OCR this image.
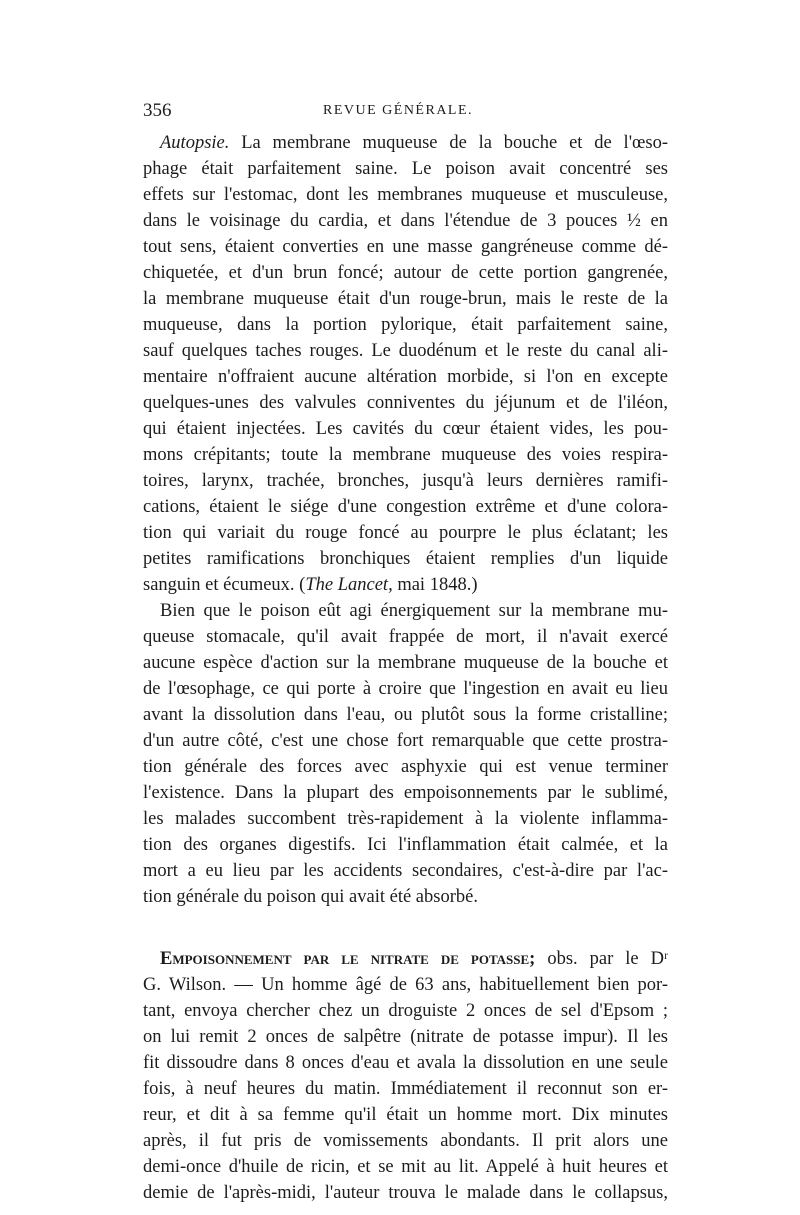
356	REVUE GÉNÉRALE.
Autopsie. La membrane muqueuse de la bouche et de l'œso-
phage était parfaitement saine. Le poison avait concentré ses
effets sur l'estomac, dont les membranes muqueuse et musculeuse,
dans le voisinage du cardia, et dans l'étendue de 3 pouces ½ en
tout sens, étaient converties en une masse gangréneuse comme dé-
chiquetée, et d'un brun foncé; autour de cette portion gangrenée,
la membrane muqueuse était d'un rouge-brun, mais le reste de la
muqueuse, dans la portion pylorique, était parfaitement saine,
sauf quelques taches rouges. Le duodénum et le reste du canal ali-
mentaire n'offraient aucune altération morbide, si l'on en excepte
quelques-unes des valvules conniventes du jéjunum et de l'iléon,
qui étaient injectées. Les cavités du cœur étaient vides, les pou-
mons crépitants; toute la membrane muqueuse des voies respira-
toires, larynx, trachée, bronches, jusqu'à leurs dernières ramifi-
cations, étaient le siége d'une congestion extrême et d'une colora-
tion qui variait du rouge foncé au pourpre le plus éclatant; les
petites ramifications bronchiques étaient remplies d'un liquide
sanguin et écumeux. (The Lancet, mai 1848.)
Bien que le poison eût agi énergiquement sur la membrane mu-
queuse stomacale, qu'il avait frappée de mort, il n'avait exercé
aucune espèce d'action sur la membrane muqueuse de la bouche et
de l'œsophage, ce qui porte à croire que l'ingestion en avait eu lieu
avant la dissolution dans l'eau, ou plutôt sous la forme cristalline;
d'un autre côté, c'est une chose fort remarquable que cette prostra-
tion générale des forces avec asphyxie qui est venue terminer
l'existence. Dans la plupart des empoisonnements par le sublimé,
les malades succombent très-rapidement à la violente inflamma-
tion des organes digestifs. Ici l'inflammation était calmée, et la
mort a eu lieu par les accidents secondaires, c'est-à-dire par l'ac-
tion générale du poison qui avait été absorbé.
Empoisonnement par le nitrate de potasse; obs. par le Dʳ
G. Wilson. — Un homme âgé de 63 ans, habituellement bien por-
tant, envoya chercher chez un droguiste 2 onces de sel d'Epsom ;
on lui remit 2 onces de salpêtre (nitrate de potasse impur). Il les
fit dissoudre dans 8 onces d'eau et avala la dissolution en une seule
fois, à neuf heures du matin. Immédiatement il reconnut son er-
reur, et dit à sa femme qu'il était un homme mort. Dix minutes
après, il fut pris de vomissements abondants. Il prit alors une
demi-once d'huile de ricin, et se mit au lit. Appelé à huit heures et
demie de l'après-midi, l'auteur trouva le malade dans le collapsus,
